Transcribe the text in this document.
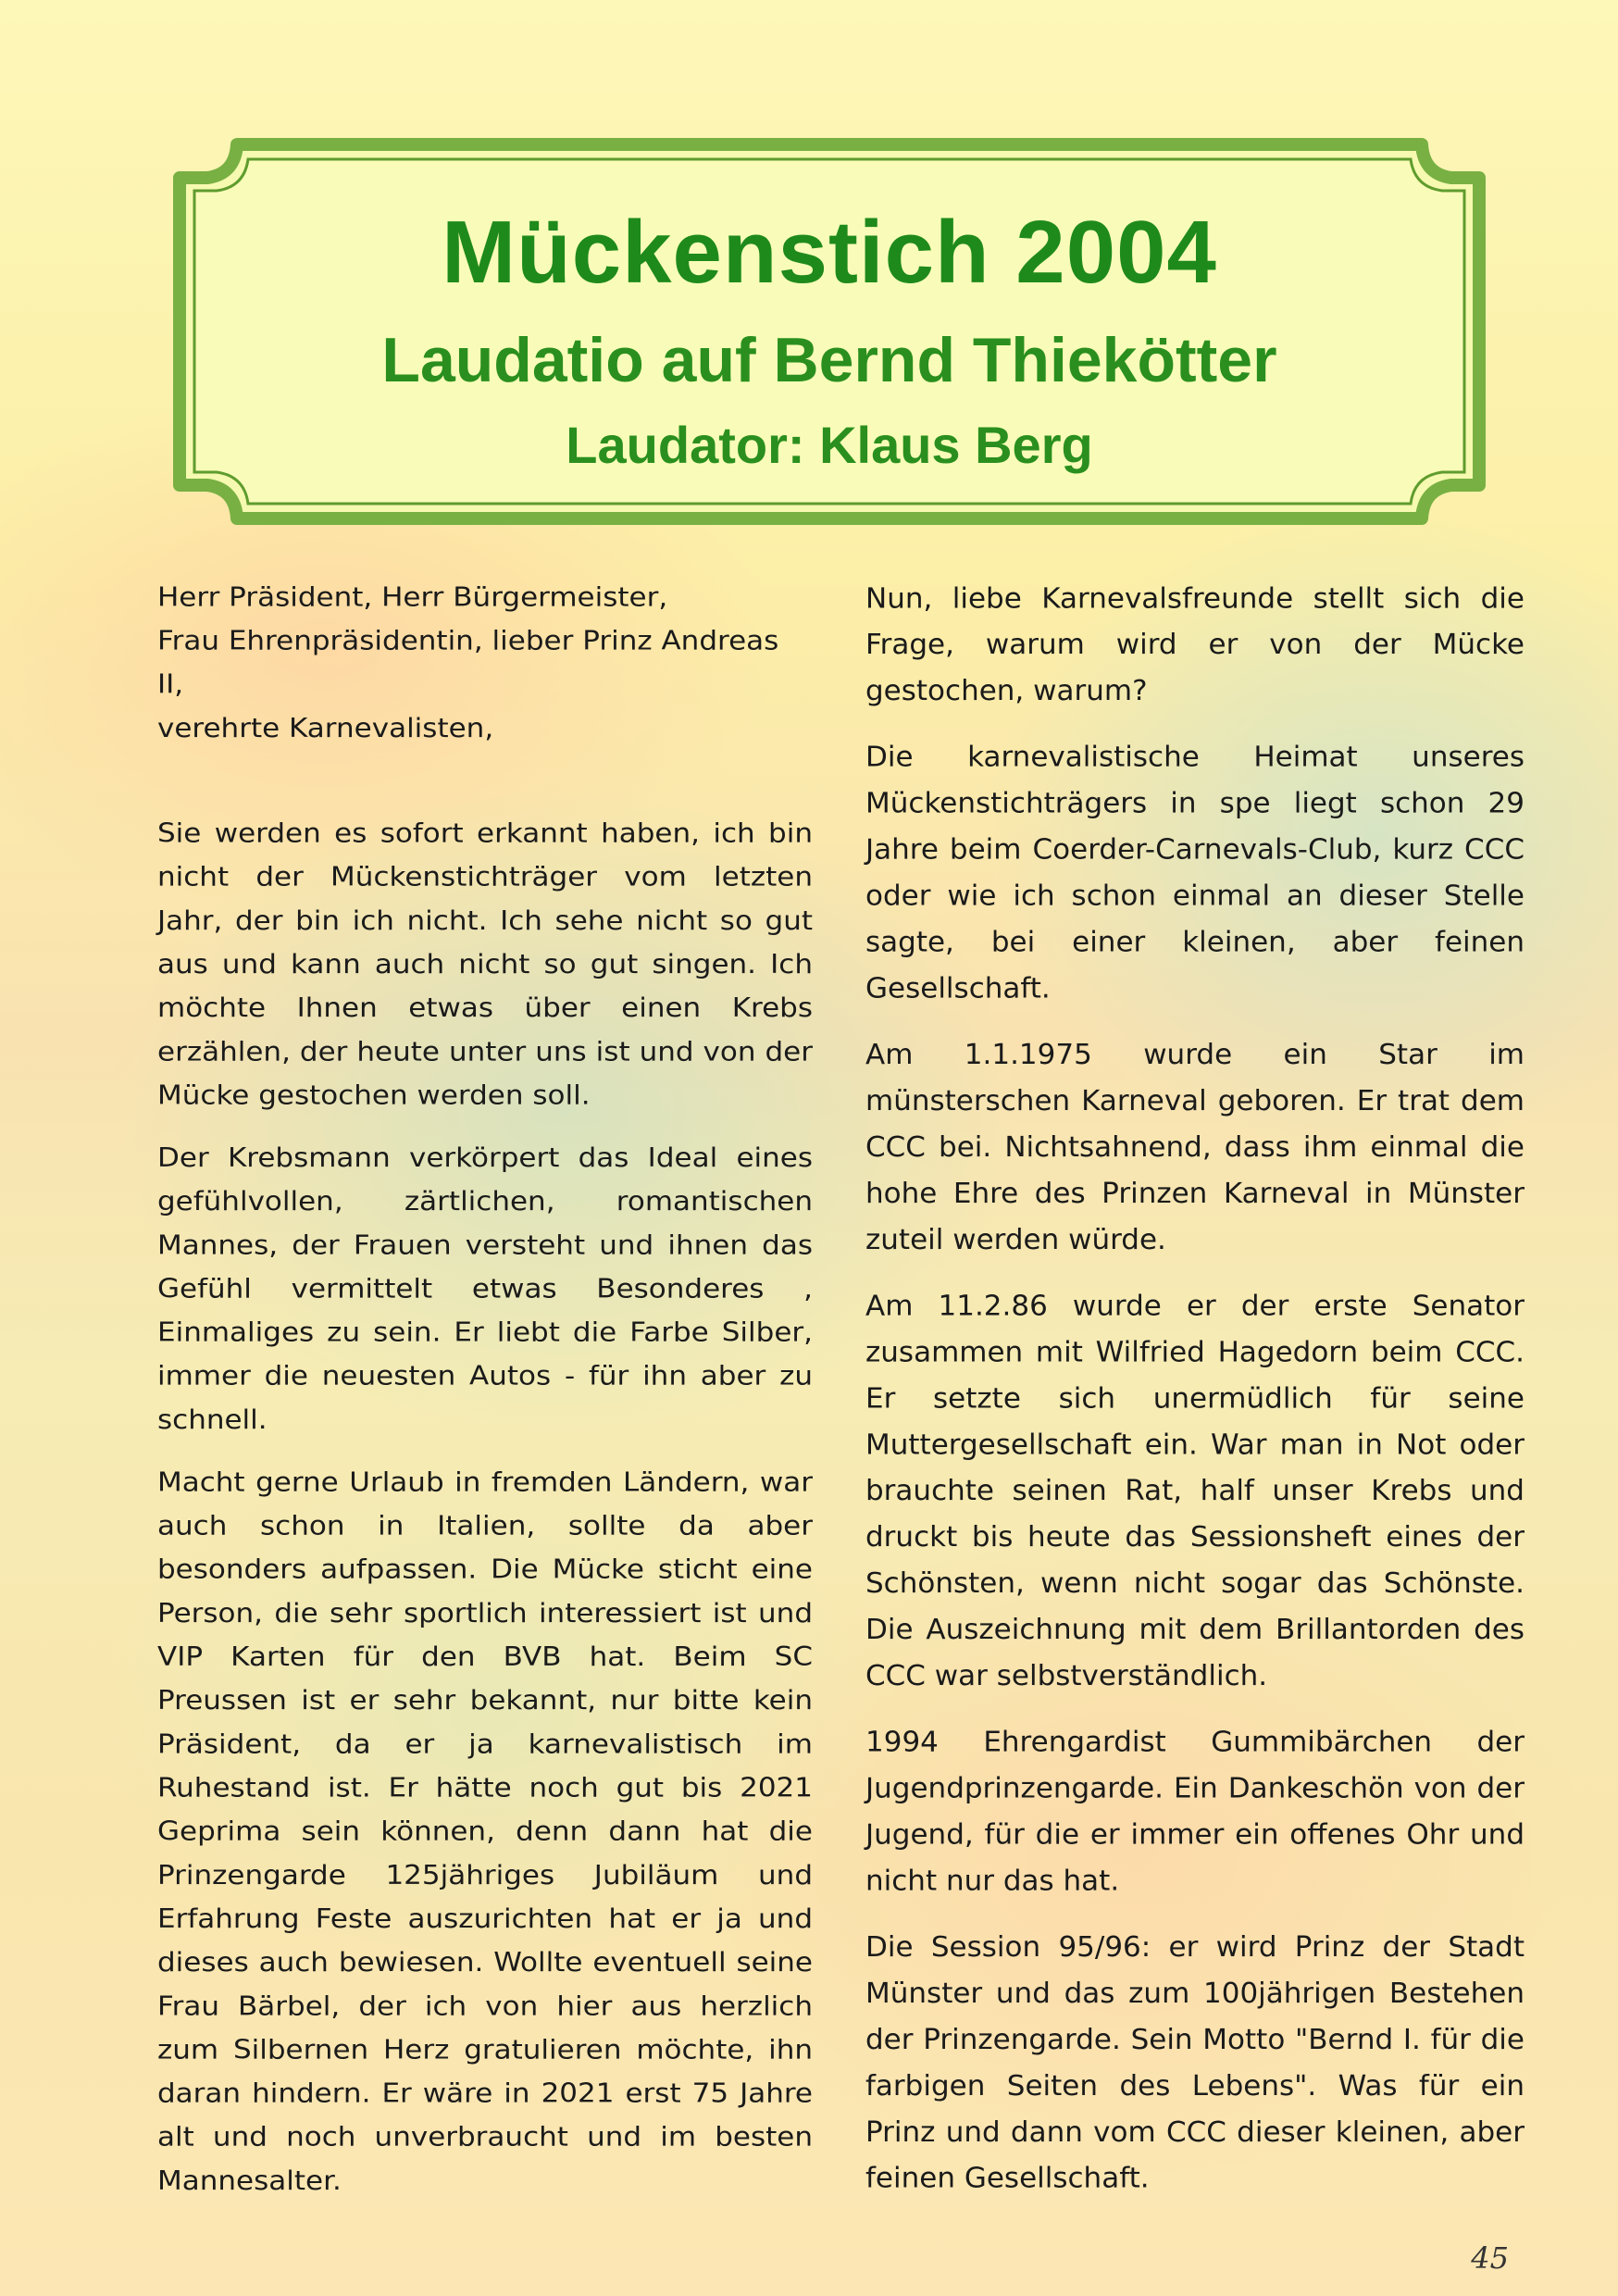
Mückenstich 2004
Laudatio auf Bernd Thiekötter
Laudator: Klaus Berg

Herr Präsident, Herr Bürgermeister,
Frau Ehrenpräsidentin, lieber Prinz Andreas II,
verehrte Karnevalisten,

Sie werden es sofort erkannt haben, ich bin nicht der Mückenstichträger vom letzten Jahr, der bin ich nicht. Ich sehe nicht so gut aus und kann auch nicht so gut singen. Ich möchte Ihnen etwas über einen Krebs erzählen, der heute unter uns ist und von der Mücke gestochen werden soll.

Der Krebsmann verkörpert das Ideal eines gefühlvollen, zärtlichen, romantischen Mannes, der Frauen versteht und ihnen das Gefühl vermittelt etwas Besonderes , Einmaliges zu sein. Er liebt die Farbe Silber, immer die neuesten Autos - für ihn aber zu schnell.

Macht gerne Urlaub in fremden Ländern, war auch schon in Italien, sollte da aber besonders aufpassen. Die Mücke sticht eine Person, die sehr sportlich interessiert ist und VIP Karten für den BVB hat. Beim SC Preussen ist er sehr bekannt, nur bitte kein Präsident, da er ja karnevalistisch im Ruhestand ist. Er hätte noch gut bis 2021 Geprima sein können, denn dann hat die Prinzengarde 125jähriges Jubiläum und Erfahrung Feste auszurichten hat er ja und dieses auch bewiesen. Wollte eventuell seine Frau Bärbel, der ich von hier aus herzlich zum Silbernen Herz gratulieren möchte, ihn daran hindern. Er wäre in 2021 erst 75 Jahre alt und noch unverbraucht und im besten Mannesalter.

Nun, liebe Karnevalsfreunde stellt sich die Frage, warum wird er von der Mücke gestochen, warum?

Die karnevalistische Heimat unseres Mückenstichträgers in spe liegt schon 29 Jahre beim Coerder-Carnevals-Club, kurz CCC oder wie ich schon einmal an dieser Stelle sagte, bei einer kleinen, aber feinen Gesellschaft.

Am 1.1.1975 wurde ein Star im münsterschen Karneval geboren. Er trat dem CCC bei. Nichtsahnend, dass ihm einmal die hohe Ehre des Prinzen Karneval in Münster zuteil werden würde.

Am 11.2.86 wurde er der erste Senator zusammen mit Wilfried Hagedorn beim CCC. Er setzte sich unermüdlich für seine Muttergesellschaft ein. War man in Not oder brauchte seinen Rat, half unser Krebs und druckt bis heute das Sessionsheft eines der Schönsten, wenn nicht sogar das Schönste. Die Auszeichnung mit dem Brillantorden des CCC war selbstverständlich.

1994 Ehrengardist Gummibärchen der Jugendprinzengarde. Ein Dankeschön von der Jugend, für die er immer ein offenes Ohr und nicht nur das hat.

Die Session 95/96: er wird Prinz der Stadt Münster und das zum 100jährigen Bestehen der Prinzengarde. Sein Motto "Bernd I. für die farbigen Seiten des Lebens". Was für ein Prinz und dann vom CCC dieser kleinen, aber feinen Gesellschaft.

45
